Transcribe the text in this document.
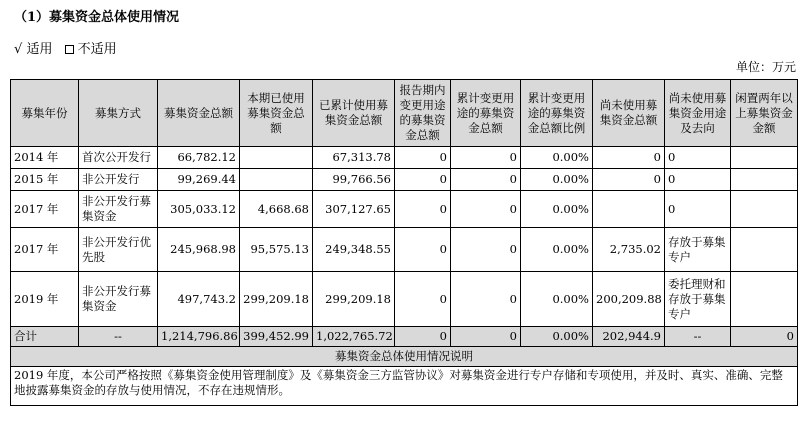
（1）募集资金总体使用情况
√ 适用 不适用
单位：万元
募集年份	募集方式	募集资金总额	本期已使用募集资金总额	已累计使用募集资金总额	报告期内变更用途的募集资金总额	累计变更用途的募集资金总额	累计变更用途的募集资金总额比例	尚未使用募集资金总额	尚未使用募集资金用途及去向	闲置两年以上募集资金金额
2014 年	首次公开发行	66,782.12		67,313.78	0	0	0.00%	0	0	
2015 年	非公开发行	99,269.44		99,766.56	0	0	0.00%	0	0	
2017 年	非公开发行募集资金	305,033.12	4,668.68	307,127.65	0	0	0.00%		0	
2017 年	非公开发行优先股	245,968.98	95,575.13	249,348.55	0	0	0.00%	2,735.02	存放于募集专户	
2019 年	非公开发行募集资金	497,743.2	299,209.18	299,209.18	0	0	0.00%	200,209.88	委托理财和存放于募集专户	
合计	--	1,214,796.86	399,452.99	1,022,765.72	0	0	0.00%	202,944.9	--	0
募集资金总体使用情况说明										
2019 年度，本公司严格按照《募集资金使用管理制度》及《募集资金三方监管协议》对募集资金进行专户存储和专项使用，并及时、真实、准确、完整地披露募集资金的存放与使用情况，不存在违规情形。										
